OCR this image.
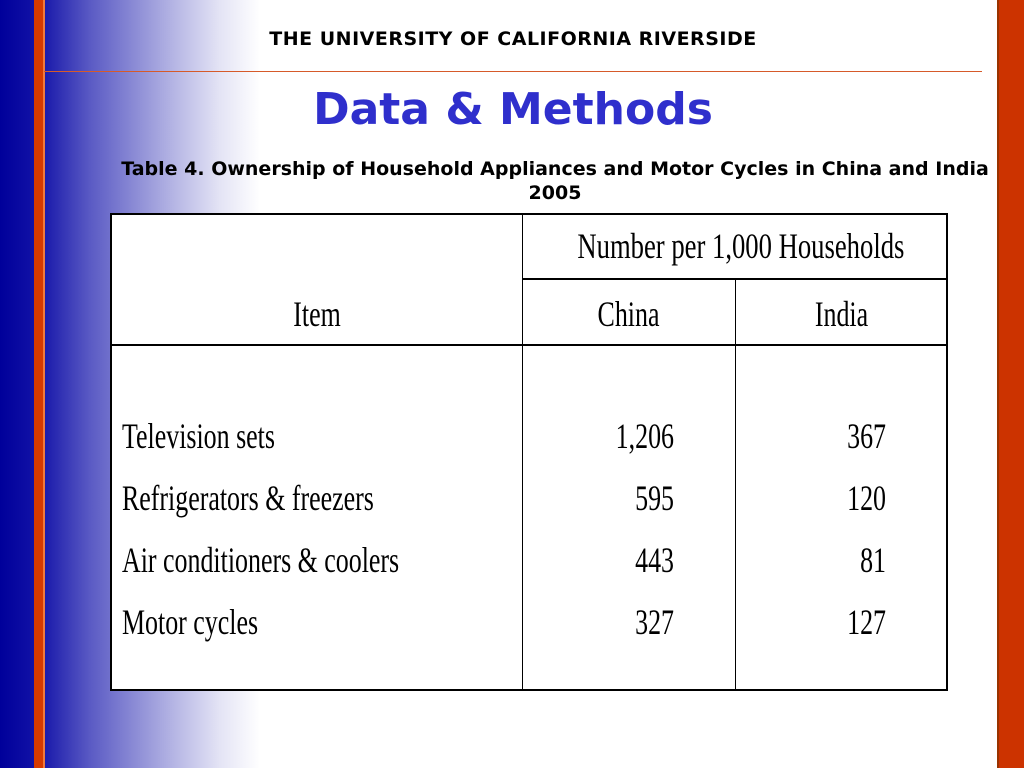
THE UNIVERSITY OF CALIFORNIA RIVERSIDE
Data & Methods
Table 4. Ownership of Household Appliances and Motor Cycles in China and India 2005
Number per 1,000 Households
Item	China	India
Television sets	1,206	367
Refrigerators & freezers	595	120
Air conditioners & coolers	443	81
Motor cycles	327	127
